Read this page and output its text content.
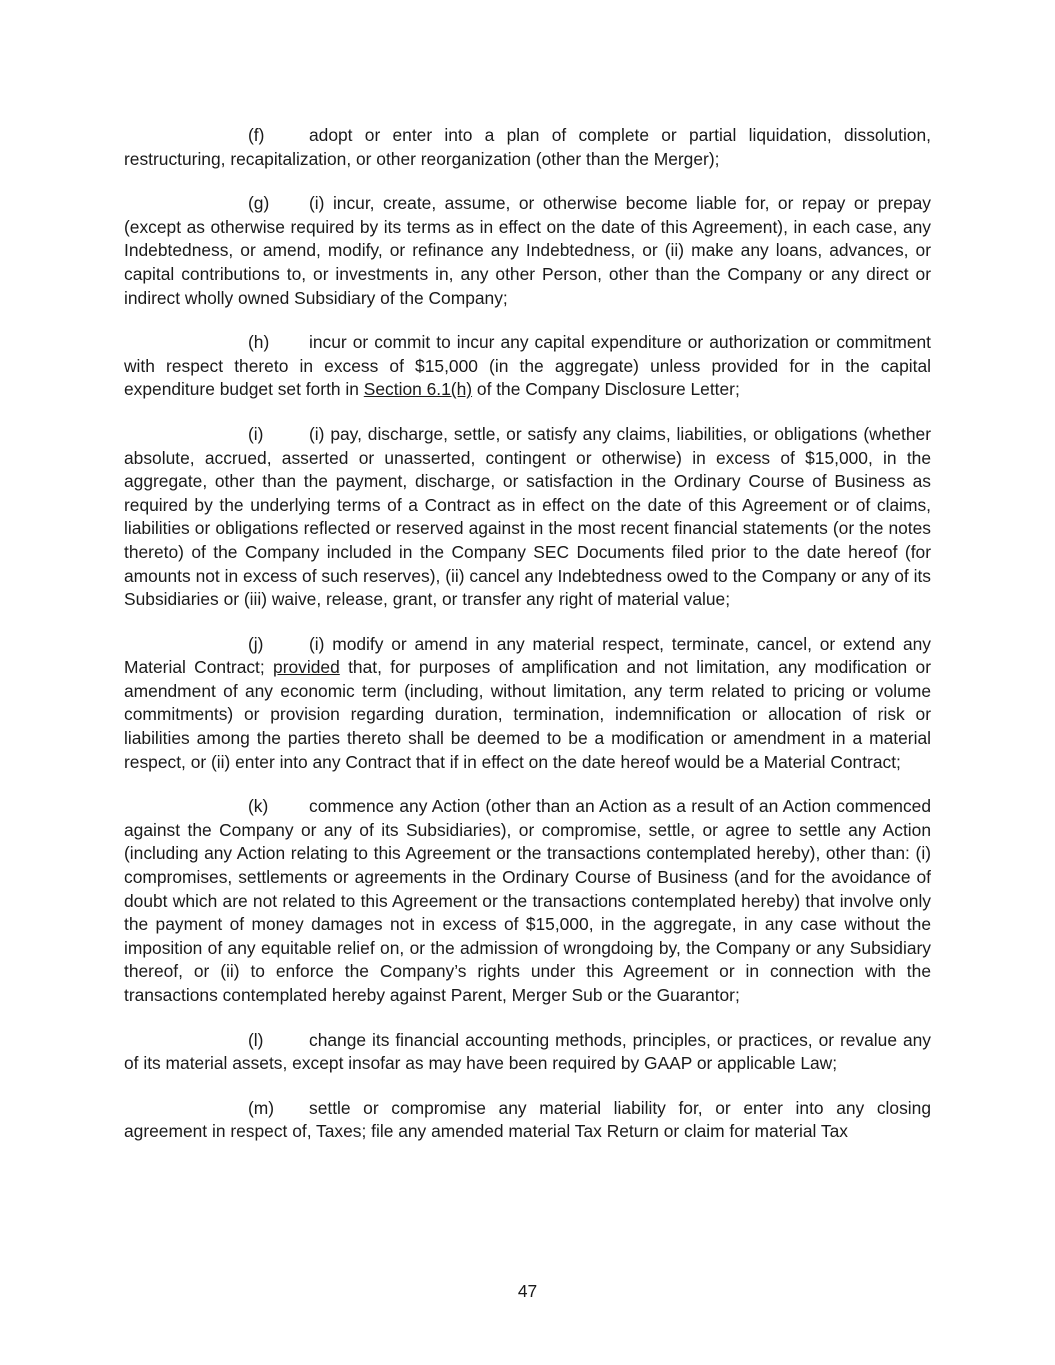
(f)	adopt or enter into a plan of complete or partial liquidation, dissolution, restructuring, recapitalization, or other reorganization (other than the Merger);

(g) (i) incur, create, assume, or otherwise become liable for, or repay or prepay (except as otherwise required by its terms as in effect on the date of this Agreement), in each case, any Indebtedness, or amend, modify, or refinance any Indebtedness, or (ii) make any loans, advances, or capital contributions to, or investments in, any other Person, other than the Company or any direct or indirect wholly owned Subsidiary of the Company;

(h) incur or commit to incur any capital expenditure or authorization or commitment with respect thereto in excess of $15,000 (in the aggregate) unless provided for in the capital expenditure budget set forth in Section 6.1(h) of the Company Disclosure Letter;

(i)	(i) pay, discharge, settle, or satisfy any claims, liabilities, or obligations (whether absolute, accrued, asserted or unasserted, contingent or otherwise) in excess of $15,000, in the aggregate, other than the payment, discharge, or satisfaction in the Ordinary Course of Business as required by the underlying terms of a Contract as in effect on the date of this Agreement or of claims, liabilities or obligations reflected or reserved against in the most recent financial statements (or the notes thereto) of the Company included in the Company SEC Documents filed prior to the date hereof (for amounts not in excess of such reserves), (ii) cancel any Indebtedness owed to the Company or any of its Subsidiaries or (iii) waive, release, grant, or transfer any right of material value;

(j)	(i) modify or amend in any material respect, terminate, cancel, or extend any Material Contract; provided that, for purposes of amplification and not limitation, any modification or amendment of any economic term (including, without limitation, any term related to pricing or volume commitments) or provision regarding duration, termination, indemnification or allocation of risk or liabilities among the parties thereto shall be deemed to be a modification or amendment in a material respect, or (ii) enter into any Contract that if in effect on the date hereof would be a Material Contract;

(k) commence any Action (other than an Action as a result of an Action commenced against the Company or any of its Subsidiaries), or compromise, settle, or agree to settle any Action (including any Action relating to this Agreement or the transactions contemplated hereby), other than: (i) compromises, settlements or agreements in the Ordinary Course of Business (and for the avoidance of doubt which are not related to this Agreement or the transactions contemplated hereby) that involve only the payment of money damages not in excess of $15,000, in the aggregate, in any case without the imposition of any equitable relief on, or the admission of wrongdoing by, the Company or any Subsidiary thereof, or (ii) to enforce the Company’s rights under this Agreement or in connection with the transactions contemplated hereby against Parent, Merger Sub or the Guarantor;

(l)	change its financial accounting methods, principles, or practices, or revalue any of its material assets, except insofar as may have been required by GAAP or applicable Law;

(m) settle or compromise any material liability for, or enter into any closing agreement in respect of, Taxes; file any amended material Tax Return or claim for material Tax

47
